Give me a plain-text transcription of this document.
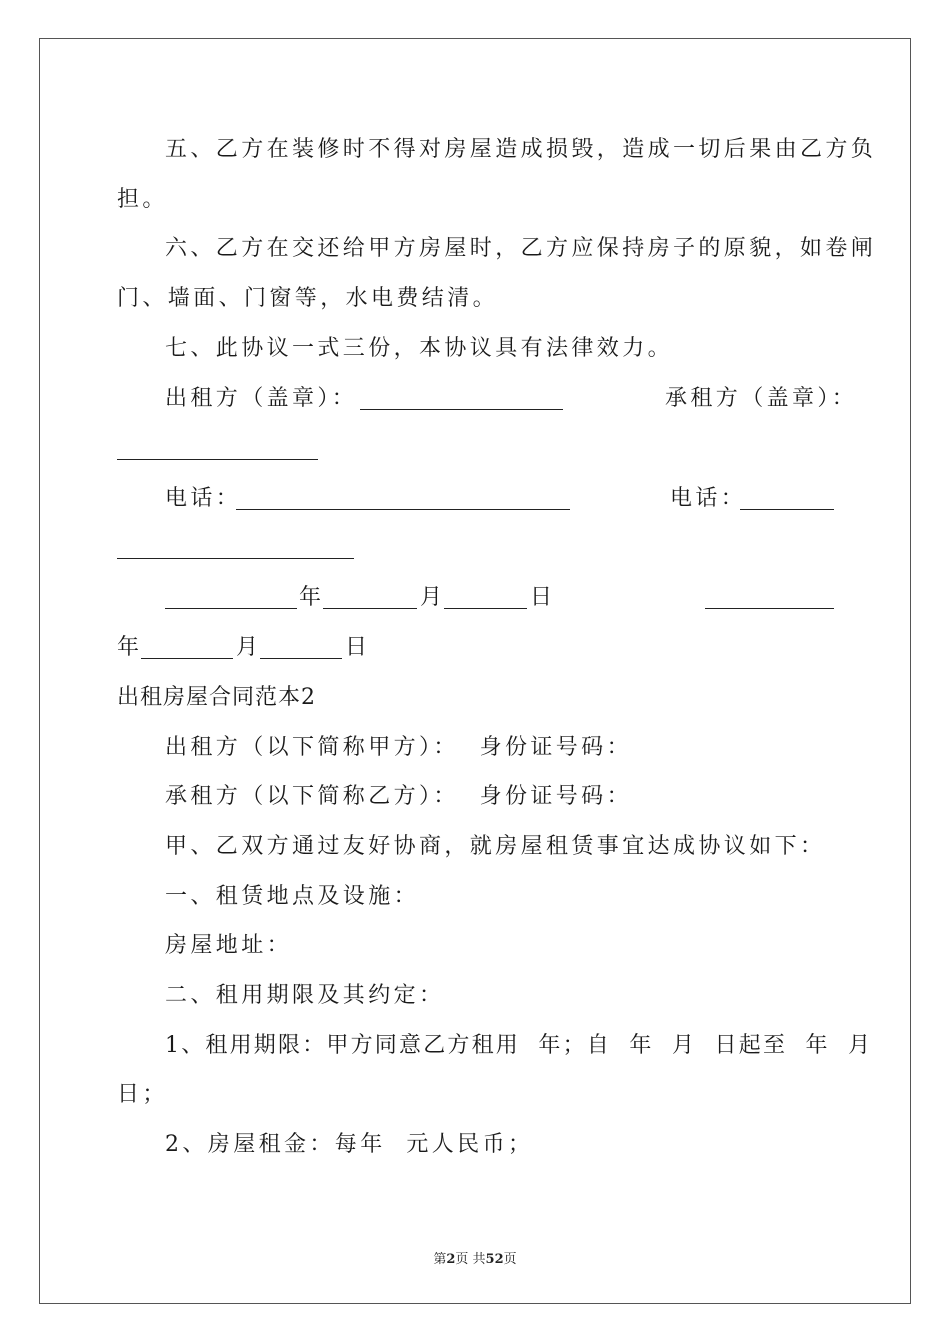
五、乙方在装修时不得对房屋造成损毁，造成一切后果由乙方负
担。
六、乙方在交还给甲方房屋时，乙方应保持房子的原貌，如卷闸
门、墙面、门窗等，水电费结清。
七、此协议一式三份，本协议具有法律效力。
出租方（盖章）：	承租方（盖章）：
电话：	电话：
年	月	日
年	月	日
出租房屋合同范本2
出租方（以下简称甲方）：  身份证号码：
承租方（以下简称乙方）：  身份证号码：
甲、乙双方通过友好协商，就房屋租赁事宜达成协议如下：
一、租赁地点及设施：
房屋地址：
二、租用期限及其约定：
1、租用期限：甲方同意乙方租用  年；自  年  月  日起至  年  月
日；
2、房屋租金：每年  元人民币；
第2页 共52页
